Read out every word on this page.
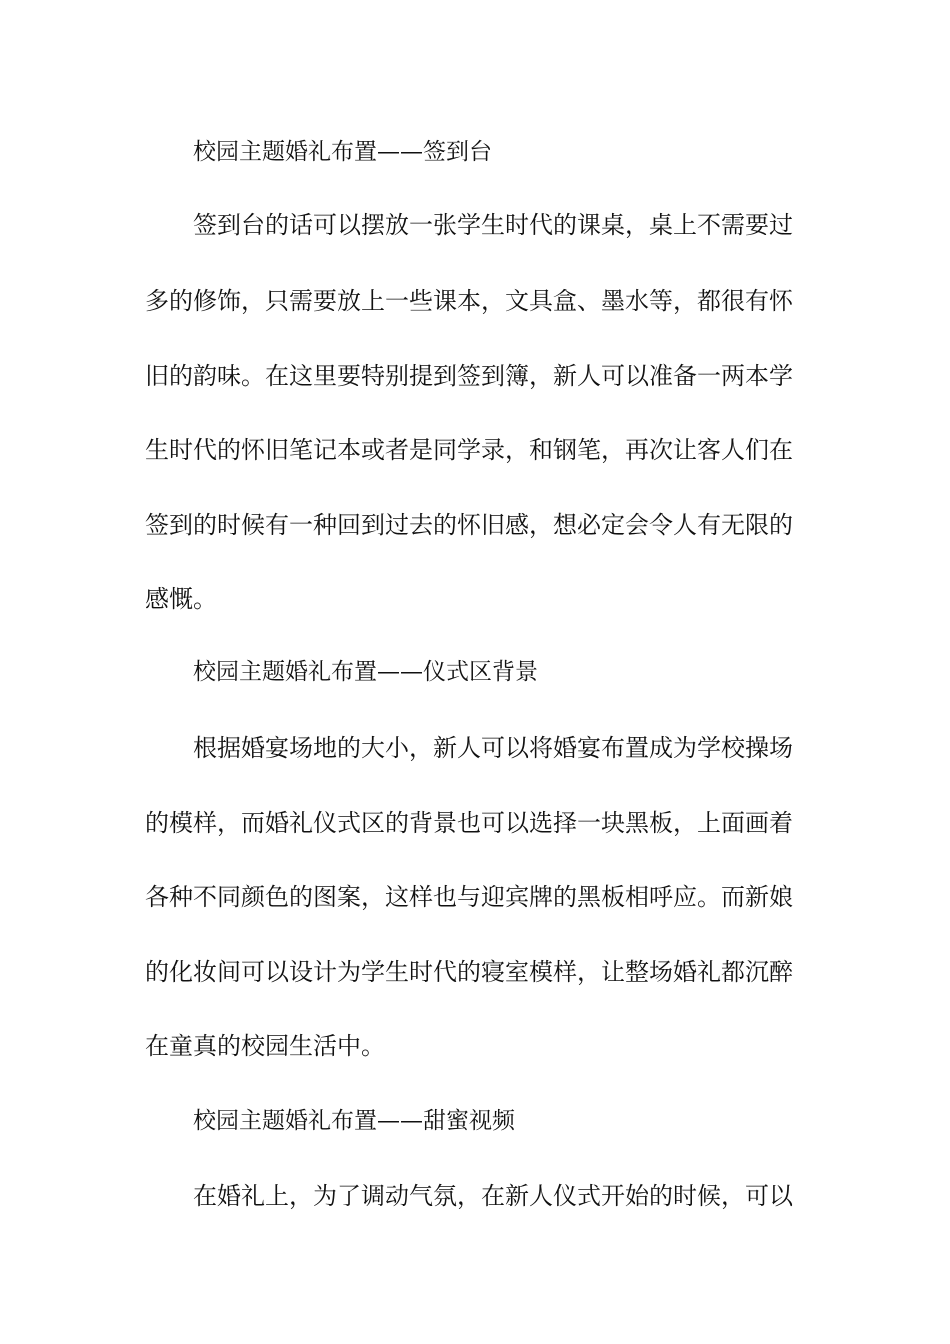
校园主题婚礼布置——签到台
签到台的话可以摆放一张学生时代的课桌，桌上不需要过
多的修饰，只需要放上一些课本，文具盒、墨水等，都很有怀
旧的韵味。在这里要特别提到签到簿，新人可以准备一两本学
生时代的怀旧笔记本或者是同学录，和钢笔，再次让客人们在
签到的时候有一种回到过去的怀旧感，想必定会令人有无限的
感慨。
校园主题婚礼布置——仪式区背景
根据婚宴场地的大小，新人可以将婚宴布置成为学校操场
的模样，而婚礼仪式区的背景也可以选择一块黑板，上面画着
各种不同颜色的图案，这样也与迎宾牌的黑板相呼应。而新娘
的化妆间可以设计为学生时代的寝室模样，让整场婚礼都沉醉
在童真的校园生活中。
校园主题婚礼布置——甜蜜视频
在婚礼上，为了调动气氛，在新人仪式开始的时候，可以
